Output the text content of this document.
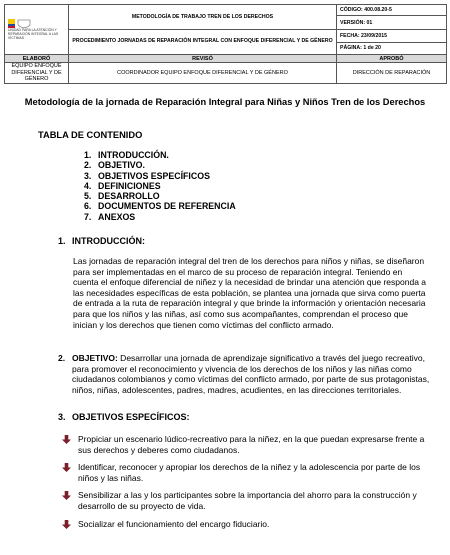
UNIDAD PARA LA ATENCIÓN Y REPARACIÓN INTEGRAL A LAS VÍCTIMAS	METODOLOGÍA DE TRABAJO TREN DE LOS DERECHOS	CÓDIGO: 400.08.20-5
		VERSIÓN: 01
	PROCEDIMIENTO JORNADAS DE REPARACIÓN INTEGRAL CON ENFOQUE DIFERENCIAL Y DE GÉNERO	FECHA: 23/09/2015
		PÁGINA: 1 de 20
ELABORÓ	REVISÓ	APROBÓ
EQUIPO ENFOQUE DIFERENCIAL Y DE GÉNERO	COORDINADOR EQUIPO ENFOQUE DIFERENCIAL Y DE GÉNERO	DIRECCIÓN DE REPARACIÓN
Metodología de la jornada de Reparación Integral para Niñas y Niños Tren de los Derechos
TABLA DE CONTENIDO
1. INTRODUCCIÓN.
2. OBJETIVO.
3. OBJETIVOS ESPECÍFICOS
4. DEFINICIONES
5. DESARROLLO
6. DOCUMENTOS DE REFERENCIA
7. ANEXOS
1. INTRODUCCIÓN:
Las jornadas de reparación integral del tren de los derechos para niños y niñas, se diseñaron para ser implementadas en el marco de su proceso de reparación integral. Teniendo en cuenta el enfoque diferencial de niñez y la necesidad de brindar una atención que responda a las necesidades específicas de esta población, se plantea una jornada que sirva como puerta de entrada a la ruta de reparación integral y que brinde la información y orientación necesaria para que los niños y las niñas, así como sus acompañantes, comprendan el proceso que inician y los derechos que tienen como víctimas del conflicto armado.
2. OBJETIVO: Desarrollar una jornada de aprendizaje significativo a través del juego recreativo, para promover el reconocimiento y vivencia de los derechos de los niños y las niñas como ciudadanos colombianos y como víctimas del conflicto armado, por parte de sus protagonistas, niños, niñas, adolescentes, padres, madres, acudientes, en las direcciones territoriales.
3. OBJETIVOS ESPECÍFICOS:
Propiciar un escenario lúdico-recreativo para la niñez, en la que puedan expresarse frente a sus derechos y deberes como ciudadanos.
Identificar, reconocer y apropiar los derechos de la niñez y la adolescencia por parte de los niños y las niñas.
Sensibilizar a las y los participantes sobre la importancia del ahorro para la construcción y desarrollo de su proyecto de vida.
Socializar el funcionamiento del encargo fiduciario.
